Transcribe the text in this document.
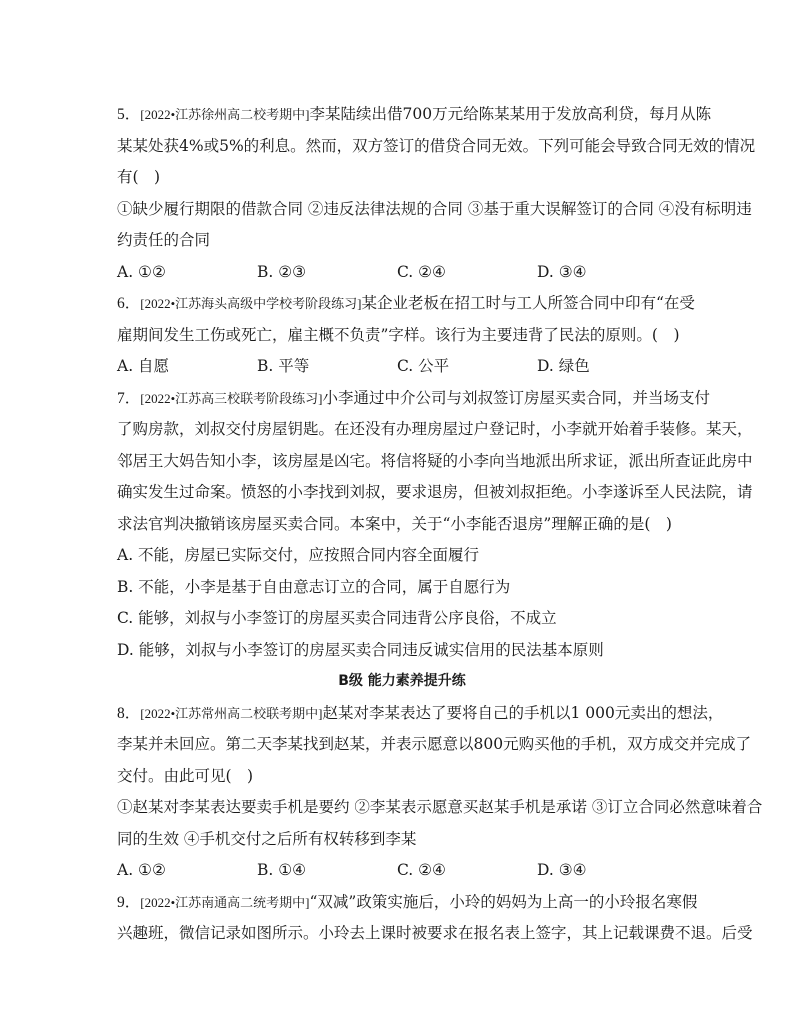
5．[2022•江苏徐州高二校考期中]李某陆续出借700万元给陈某某用于发放高利贷，每月从陈
某某处获4%或5%的利息。然而，双方签订的借贷合同无效。下列可能会导致合同无效的情况
有(　)
①缺少履行期限的借款合同 ②违反法律法规的合同 ③基于重大误解签订的合同 ④没有标明违
约责任的合同
A. ①②	B. ②③	C. ②④	D. ③④
6．[2022•江苏海头高级中学校考阶段练习]某企业老板在招工时与工人所签合同中印有“在受
雇期间发生工伤或死亡，雇主概不负责”字样。该行为主要违背了民法的原则。(　)
A. 自愿	B. 平等	C. 公平	D. 绿色
7．[2022•江苏高三校联考阶段练习]小李通过中介公司与刘叔签订房屋买卖合同，并当场支付
了购房款，刘叔交付房屋钥匙。在还没有办理房屋过户登记时，小李就开始着手装修。某天，
邻居王大妈告知小李，该房屋是凶宅。将信将疑的小李向当地派出所求证，派出所查证此房中
确实发生过命案。愤怒的小李找到刘叔，要求退房，但被刘叔拒绝。小李遂诉至人民法院，请
求法官判决撤销该房屋买卖合同。本案中，关于“小李能否退房”理解正确的是(　)
A. 不能，房屋已实际交付，应按照合同内容全面履行
B. 不能，小李是基于自由意志订立的合同，属于自愿行为
C. 能够，刘叔与小李签订的房屋买卖合同违背公序良俗，不成立
D. 能够，刘叔与小李签订的房屋买卖合同违反诚实信用的民法基本原则
B级 能力素养提升练
8．[2022•江苏常州高二校联考期中]赵某对李某表达了要将自己的手机以1 000元卖出的想法，
李某并未回应。第二天李某找到赵某，并表示愿意以800元购买他的手机，双方成交并完成了
交付。由此可见(　)
①赵某对李某表达要卖手机是要约 ②李某表示愿意买赵某手机是承诺 ③订立合同必然意味着合
同的生效 ④手机交付之后所有权转移到李某
A. ①②	B. ①④	C. ②④	D. ③④
9．[2022•江苏南通高二统考期中]“双减”政策实施后，小玲的妈妈为上高一的小玲报名寒假
兴趣班，微信记录如图所示。小玲去上课时被要求在报名表上签字，其上记载课费不退。后受
